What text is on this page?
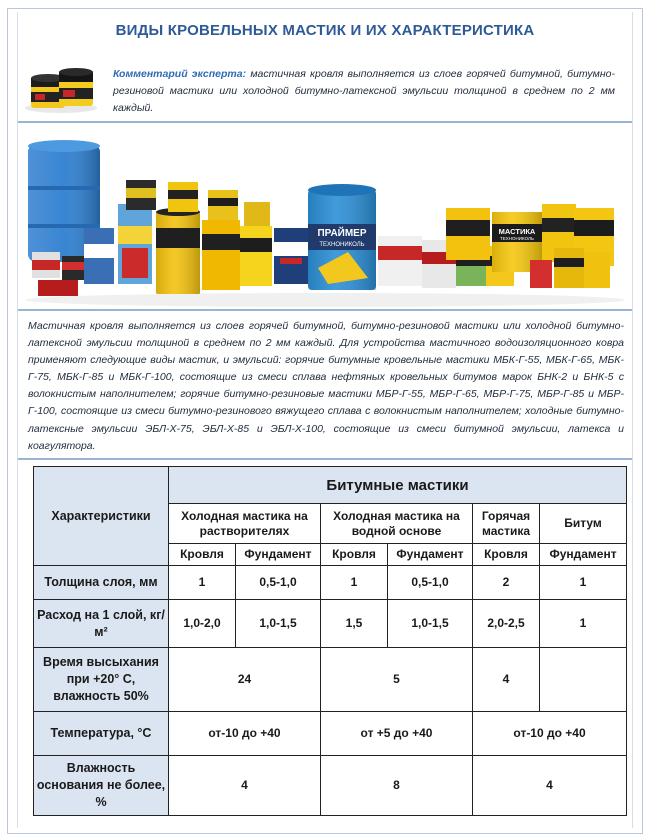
ВИДЫ КРОВЕЛЬНЫХ МАСТИК И ИХ ХАРАКТЕРИСТИКА
Комментарий эксперта: мастичная кровля выполняется из слоев горячей битумной, битумно-резиновой мастики или холодной битумно-латексной эмульсии толщиной в среднем по 2 мм каждый.
ПРАЙМЕР
ТЕХНОНИКОЛЬ
МАСТИКА
ТЕХНОНИКОЛЬ
Мастичная кровля выполняется из слоев горячей битумной, битумно-резиновой мастики или холодной битумно-латексной эмульсии толщиной в среднем по 2 мм каждый. Для устройства мастичного водоизоляционного ковра применяют следующие виды мастик, и эмульсий: горячие битумные кровельные мастики МБК-Г-55, МБК-Г-65, МБК-Г-75, МБК-Г-85 и МБК-Г-100, состоящие из смеси сплава нефтяных кровельных битумов марок БНК-2 и БНК-5 с волокнистым наполнителем; горячие битумно-резиновые мастики МБР-Г-55, МБР-Г-65, МБР-Г-75, МБР-Г-85 и МБР-Г-100, состоящие из смеси битумно-резинового вяжущего сплава с волокнистым наполнителем; холодные битумно-латексные эмульсии ЭБЛ-Х-75, ЭБЛ-Х-85 и ЭБЛ-Х-100, состоящие из смеси битумной эмульсии, латекса и коагулятора.
Характеристики	Битумные мастики					
	Холодная мастика на растворителях		Холодная мастика на водной основе		Горячая мастика	Битум
	Кровля	Фундамент	Кровля	Фундамент	Кровля	Фундамент
Толщина слоя, мм	1	0,5-1,0	1	0,5-1,0	2	1
Расход на 1 слой, кг/м²	1,0-2,0	1,0-1,5	1,5	1,0-1,5	2,0-2,5	1
Время высыхания при +20° С, влажность 50%	24		5		4	
Температура, °С	от-10 до +40		от +5 до +40		от-10 до +40	
Влажность основания не более, %	4		8		4	
